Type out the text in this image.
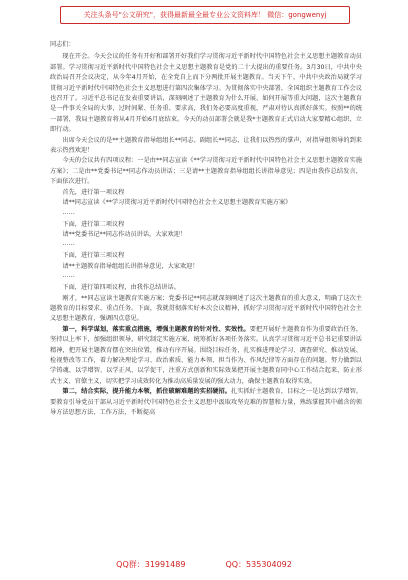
关注头条号"公文研究"，获得最新最全最专业公文资料库！ 微信：gongwenyj

同志们：

现在开会。今天会议的任务有开好和部署开好我们学习贯彻习近平新时代中国特色社会主义思想主题教育动员部署。学习贯彻习近平新时代中国特色社会主义思想主题教育是党的二十大提出的重要任务。3月30日，中共中央政治局召开会议决定，从今年4月开始，在全党自上而下分两批开展主题教育。当天下午，中共中央政治局就学习贯彻习近平新时代中国特色社会主义思想进行第四次集体学习。为贯彻落实中央部署，全国组织主题教育工作会议也召开了。习近平总书记在发表重要讲话，深刻阐述了主题教育为什么开展、如何开展等重大问题，这次主题教育是一件事关全局的大事，过时间紧、任务重、要求高，我们务必要高度重视，严肃对待认真抓好落实。按照**的统一部署，我局主题教育将从4月开始6月底结束。今天的动员部署会就是我*主题教育正式启动大家要精心组织、立即行动。

出席今天会议的是**主题教育指导组组长**同志、副组长**同志，让我们以热烈的掌声，对指导组领导的到来表示热烈欢迎！

今天的会议共有四项议程：一是由**同志宣读《**学习贯彻习近平新时代中国特色社会主义思想主题教育实施方案》；二是由**党委书记**同志作动员讲话；三是请**主题教育指导组组长讲指导意见；四是由我作总结发言，下面依次进行。

首先，进行第一项议程

请**同志宣读《**学习贯彻习近平新时代中国特色社会主义思想主题教育实施方案》

……

下面，进行第二项议程

请**党委书记**同志作动员讲话，大家欢迎！

……

下面，进行第三项议程

请**主题教育指导组组长讲指导意见，大家欢迎！

……

下面，进行第四项议程，由我作总结讲话。

刚才，**同志宣读主题教育实施方案；党委书记**同志就深刻阐述了这次主题教育的重大意义，明确了这次主题教育的目标要求、重点任务。下面，我就贯彻落实好本次会议精神，抓好学习贯彻习近平新时代中国特色社会主义思想主题教育，强调四点意见。

第一，科学谋划，落实重点措施，增强主题教育的针对性、实效性。要把开展好主题教育作为重要政治任务，坚持以上率下，加强组织领导，研究制定实施方案，统筹抓好各项任务落实。认真学习贯彻习近平总书记重要讲话精神，把开展主题教育摆在突出位置，推动有序开展。围绕目标任务，扎实推进理论学习、调查研究、推动发展、检视整改等工作，着力解决理论学习、政治素质、能力本领、担当作为、作风纪律等方面存在的问题。努力做到以学铸魂、以学增智、以学正风、以学促干，注重方式创新和实际效果把开展主题教育同中心工作结合起来，防止形式主义、官僚主义，切实把学习成效转化为推动高质量发展的强大动力，确保主题教育取得实效。

第二，结合实际，提升能力本领，抓住破解难题的实招硬招。扎实抓好主题教育，目标之一是达到以学增智。要教育引导党员干部从习近平新时代中国特色社会主义思想中汲取攻坚克难的智慧和力量，熟练掌握其中蕴含的领导方法思想方法、工作方法，不断提高

QQ群：31991489	QQ：535304092
